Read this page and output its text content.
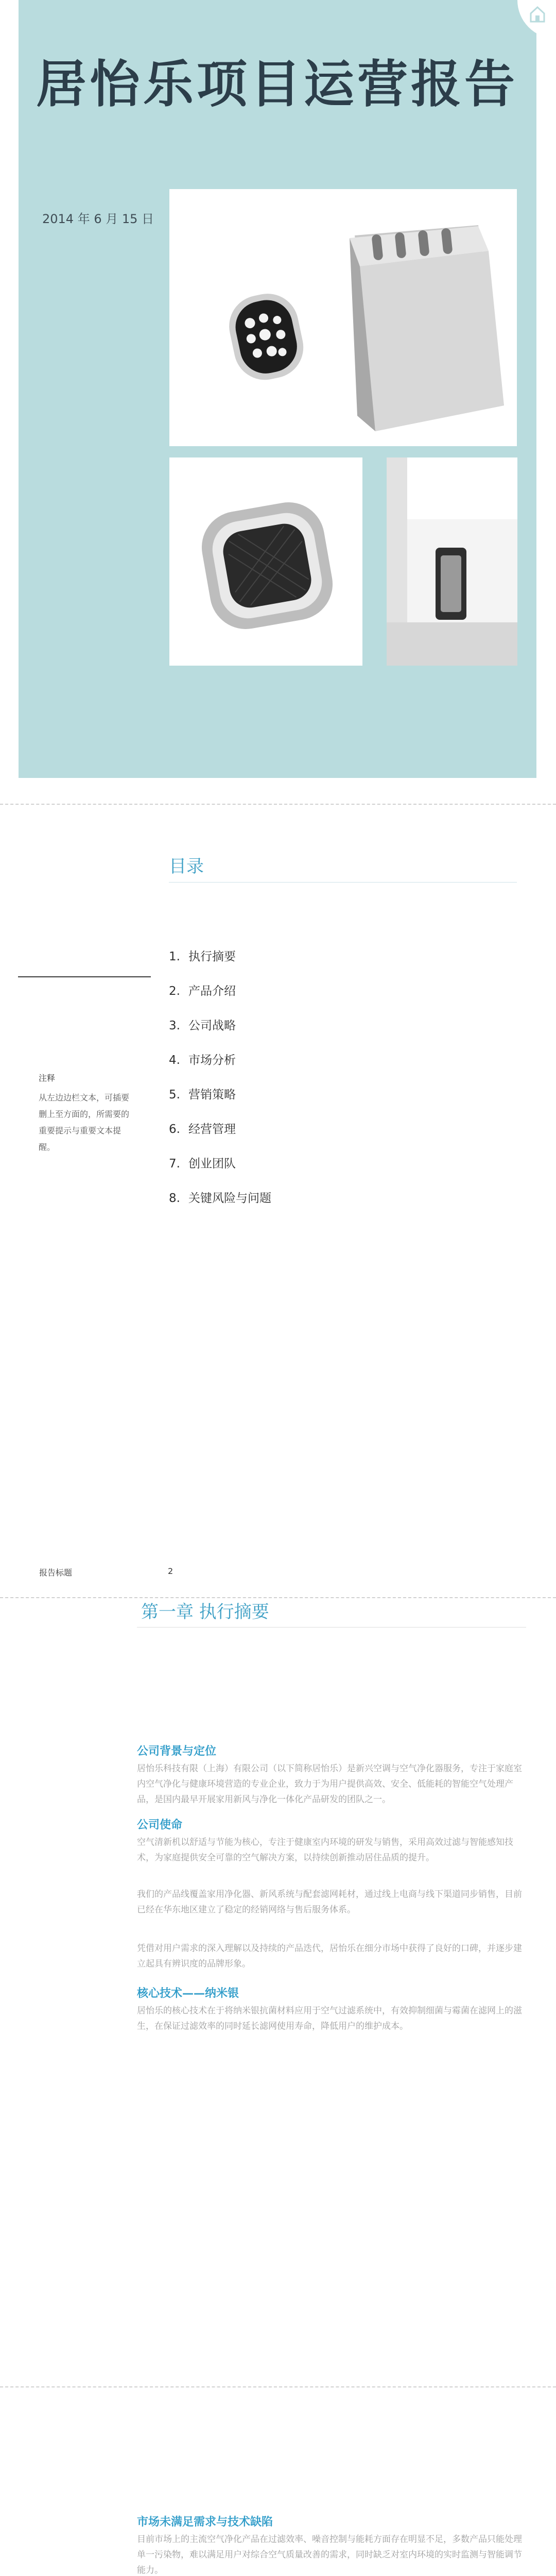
居怡乐项目运营报告
2014 年 6 月 15 日
目录
注释
从左边边栏文本，可插要删上至方面的，所需要的重要提示与重要文本提醒。
1. 执行摘要
2. 产品介绍
3. 公司战略
4. 市场分析
5. 营销策略
6. 经营管理
7. 创业团队
8. 关键风险与问题
报告标题	2
第一章 执行摘要
公司背景与定位
居怡乐科技有限（上海）有限公司（以下简称居怡乐）是新兴空调与空气净化器服务，专注于家庭室内空气净化与健康环境营造的专业企业，致力于为用户提供高效、安全、低能耗的智能空气处理产品，是国内最早开展家用新风与净化一体化产品研发的团队之一。
公司使命
空气清新机以舒适与节能为核心，专注于健康室内环境的研发与销售，采用高效过滤与智能感知技术，为家庭提供安全可靠的空气解决方案，以持续创新推动居住品质的提升。
我们的产品线覆盖家用净化器、新风系统与配套滤网耗材，通过线上电商与线下渠道同步销售，目前已经在华东地区建立了稳定的经销网络与售后服务体系。
凭借对用户需求的深入理解以及持续的产品迭代，居怡乐在细分市场中获得了良好的口碑，并逐步建立起具有辨识度的品牌形象。
核心技术——纳米银
居怡乐的核心技术在于将纳米银抗菌材料应用于空气过滤系统中，有效抑制细菌与霉菌在滤网上的滋生，在保证过滤效率的同时延长滤网使用寿命，降低用户的维护成本。
市场未满足需求与技术缺陷
目前市场上的主流空气净化产品在过滤效率、噪音控制与能耗方面存在明显不足，多数产品只能处理单一污染物，难以满足用户对综合空气质量改善的需求，同时缺乏对室内环境的实时监测与智能调节能力。
